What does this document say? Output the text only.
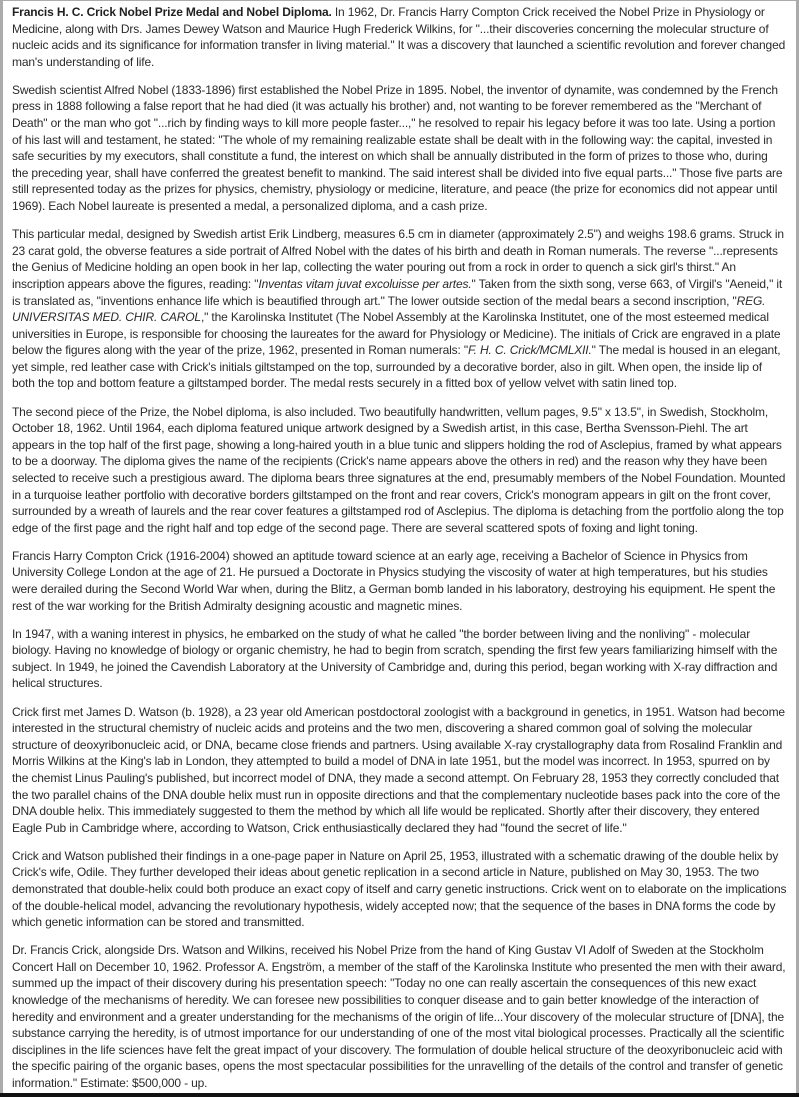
Francis H. C. Crick Nobel Prize Medal and Nobel Diploma. In 1962, Dr. Francis Harry Compton Crick received the Nobel Prize in Physiology or Medicine, along with Drs. James Dewey Watson and Maurice Hugh Frederick Wilkins, for "...their discoveries concerning the molecular structure of nucleic acids and its significance for information transfer in living material." It was a discovery that launched a scientific revolution and forever changed man's understanding of life.

Swedish scientist Alfred Nobel (1833-1896) first established the Nobel Prize in 1895. Nobel, the inventor of dynamite, was condemned by the French press in 1888 following a false report that he had died (it was actually his brother) and, not wanting to be forever remembered as the "Merchant of Death" or the man who got "...rich by finding ways to kill more people faster...," he resolved to repair his legacy before it was too late. Using a portion of his last will and testament, he stated: "The whole of my remaining realizable estate shall be dealt with in the following way: the capital, invested in safe securities by my executors, shall constitute a fund, the interest on which shall be annually distributed in the form of prizes to those who, during the preceding year, shall have conferred the greatest benefit to mankind. The said interest shall be divided into five equal parts..." Those five parts are still represented today as the prizes for physics, chemistry, physiology or medicine, literature, and peace (the prize for economics did not appear until 1969). Each Nobel laureate is presented a medal, a personalized diploma, and a cash prize.

This particular medal, designed by Swedish artist Erik Lindberg, measures 6.5 cm in diameter (approximately 2.5") and weighs 198.6 grams. Struck in 23 carat gold, the obverse features a side portrait of Alfred Nobel with the dates of his birth and death in Roman numerals. The reverse "...represents the Genius of Medicine holding an open book in her lap, collecting the water pouring out from a rock in order to quench a sick girl's thirst." An inscription appears above the figures, reading: "Inventas vitam juvat excoluisse per artes." Taken from the sixth song, verse 663, of Virgil's "Aeneid," it is translated as, "inventions enhance life which is beautified through art." The lower outside section of the medal bears a second inscription, "REG. UNIVERSITAS MED. CHIR. CAROL," the Karolinska Institutet (The Nobel Assembly at the Karolinska Institutet, one of the most esteemed medical universities in Europe, is responsible for choosing the laureates for the award for Physiology or Medicine). The initials of Crick are engraved in a plate below the figures along with the year of the prize, 1962, presented in Roman numerals: "F. H. C. Crick/MCMLXII." The medal is housed in an elegant, yet simple, red leather case with Crick's initials giltstamped on the top, surrounded by a decorative border, also in gilt. When open, the inside lip of both the top and bottom feature a giltstamped border. The medal rests securely in a fitted box of yellow velvet with satin lined top.

The second piece of the Prize, the Nobel diploma, is also included. Two beautifully handwritten, vellum pages, 9.5" x 13.5", in Swedish, Stockholm, October 18, 1962. Until 1964, each diploma featured unique artwork designed by a Swedish artist, in this case, Bertha Svensson-Piehl. The art appears in the top half of the first page, showing a long-haired youth in a blue tunic and slippers holding the rod of Asclepius, framed by what appears to be a doorway. The diploma gives the name of the recipients (Crick's name appears above the others in red) and the reason why they have been selected to receive such a prestigious award. The diploma bears three signatures at the end, presumably members of the Nobel Foundation. Mounted in a turquoise leather portfolio with decorative borders giltstamped on the front and rear covers, Crick's monogram appears in gilt on the front cover, surrounded by a wreath of laurels and the rear cover features a giltstamped rod of Asclepius. The diploma is detaching from the portfolio along the top edge of the first page and the right half and top edge of the second page. There are several scattered spots of foxing and light toning.

Francis Harry Compton Crick (1916-2004) showed an aptitude toward science at an early age, receiving a Bachelor of Science in Physics from University College London at the age of 21. He pursued a Doctorate in Physics studying the viscosity of water at high temperatures, but his studies were derailed during the Second World War when, during the Blitz, a German bomb landed in his laboratory, destroying his equipment. He spent the rest of the war working for the British Admiralty designing acoustic and magnetic mines.

In 1947, with a waning interest in physics, he embarked on the study of what he called "the border between living and the nonliving" - molecular biology. Having no knowledge of biology or organic chemistry, he had to begin from scratch, spending the first few years familiarizing himself with the subject. In 1949, he joined the Cavendish Laboratory at the University of Cambridge and, during this period, began working with X-ray diffraction and helical structures.

Crick first met James D. Watson (b. 1928), a 23 year old American postdoctoral zoologist with a background in genetics, in 1951. Watson had become interested in the structural chemistry of nucleic acids and proteins and the two men, discovering a shared common goal of solving the molecular structure of deoxyribonucleic acid, or DNA, became close friends and partners. Using available X-ray crystallography data from Rosalind Franklin and Morris Wilkins at the King's lab in London, they attempted to build a model of DNA in late 1951, but the model was incorrect. In 1953, spurred on by the chemist Linus Pauling's published, but incorrect model of DNA, they made a second attempt. On February 28, 1953 they correctly concluded that the two parallel chains of the DNA double helix must run in opposite directions and that the complementary nucleotide bases pack into the core of the DNA double helix. This immediately suggested to them the method by which all life would be replicated. Shortly after their discovery, they entered Eagle Pub in Cambridge where, according to Watson, Crick enthusiastically declared they had "found the secret of life."

Crick and Watson published their findings in a one-page paper in Nature on April 25, 1953, illustrated with a schematic drawing of the double helix by Crick's wife, Odile. They further developed their ideas about genetic replication in a second article in Nature, published on May 30, 1953. The two demonstrated that double-helix could both produce an exact copy of itself and carry genetic instructions. Crick went on to elaborate on the implications of the double-helical model, advancing the revolutionary hypothesis, widely accepted now; that the sequence of the bases in DNA forms the code by which genetic information can be stored and transmitted.

Dr. Francis Crick, alongside Drs. Watson and Wilkins, received his Nobel Prize from the hand of King Gustav VI Adolf of Sweden at the Stockholm Concert Hall on December 10, 1962. Professor A. Engström, a member of the staff of the Karolinska Institute who presented the men with their award, summed up the impact of their discovery during his presentation speech: "Today no one can really ascertain the consequences of this new exact knowledge of the mechanisms of heredity. We can foresee new possibilities to conquer disease and to gain better knowledge of the interaction of heredity and environment and a greater understanding for the mechanisms of the origin of life...Your discovery of the molecular structure of [DNA], the substance carrying the heredity, is of utmost importance for our understanding of one of the most vital biological processes. Practically all the scientific disciplines in the life sciences have felt the great impact of your discovery. The formulation of double helical structure of the deoxyribonucleic acid with the specific pairing of the organic bases, opens the most spectacular possibilities for the unravelling of the details of the control and transfer of genetic information." Estimate: $500,000 - up.
